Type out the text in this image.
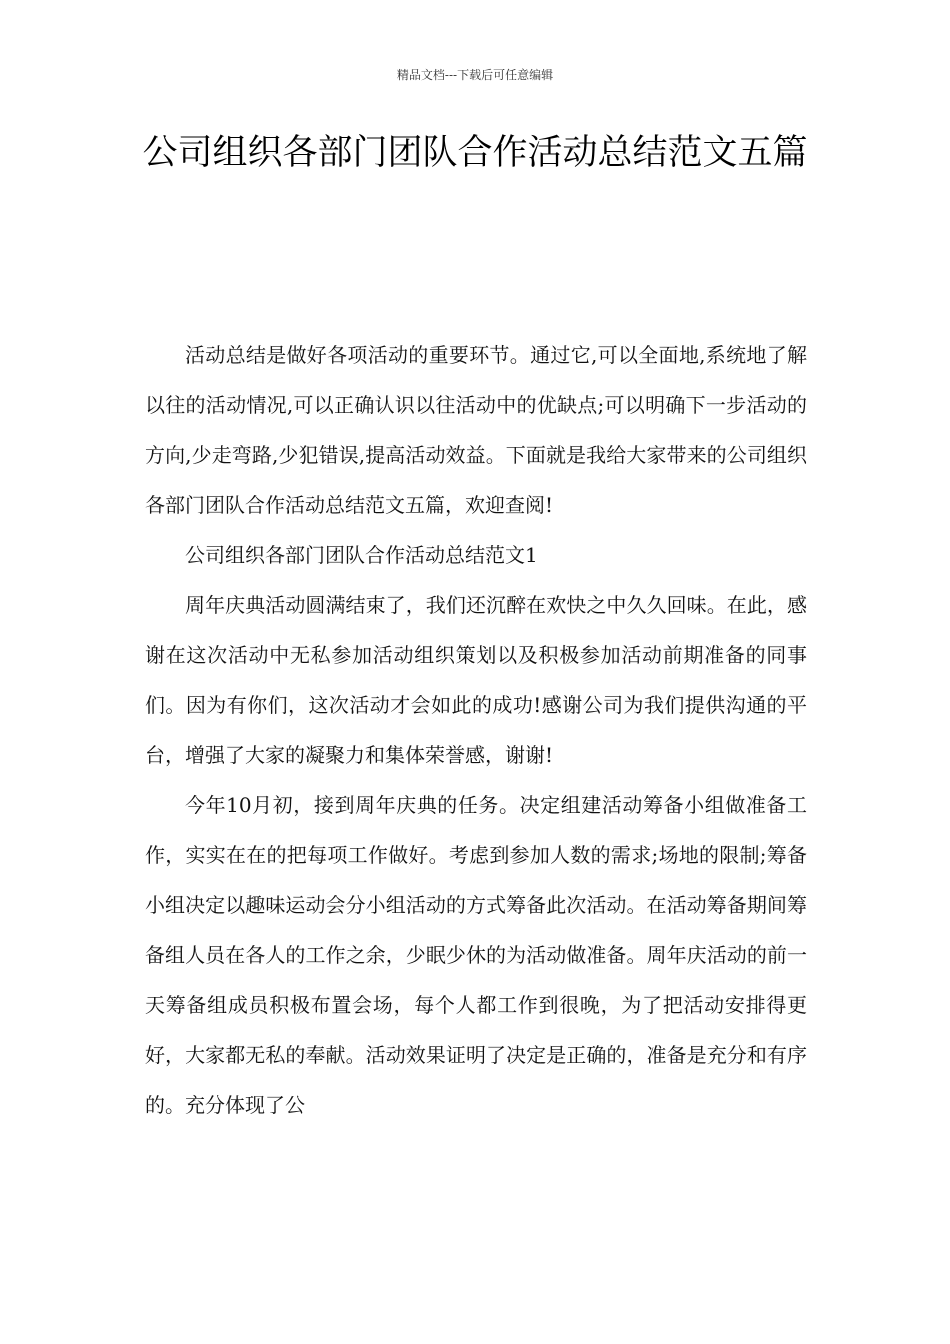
精品文档---下载后可任意编辑
公司组织各部门团队合作活动总结范文五篇

活动总结是做好各项活动的重要环节。通过它,可以全面地,系统地了解以往的活动情况,可以正确认识以往活动中的优缺点;可以明确下一步活动的方向,少走弯路,少犯错误,提高活动效益。下面就是我给大家带来的公司组织各部门团队合作活动总结范文五篇，欢迎查阅!

公司组织各部门团队合作活动总结范文1

周年庆典活动圆满结束了，我们还沉醉在欢快之中久久回味。在此，感谢在这次活动中无私参加活动组织策划以及积极参加活动前期准备的同事们。因为有你们，这次活动才会如此的成功!感谢公司为我们提供沟通的平台，增强了大家的凝聚力和集体荣誉感，谢谢!

今年10月初，接到周年庆典的任务。决定组建活动筹备小组做准备工作，实实在在的把每项工作做好。考虑到参加人数的需求;场地的限制;筹备小组决定以趣味运动会分小组活动的方式筹备此次活动。在活动筹备期间筹备组人员在各人的工作之余，少眠少休的为活动做准备。周年庆活动的前一天筹备组成员积极布置会场，每个人都工作到很晚，为了把活动安排得更好，大家都无私的奉献。活动效果证明了决定是正确的，准备是充分和有序的。充分体现了公
